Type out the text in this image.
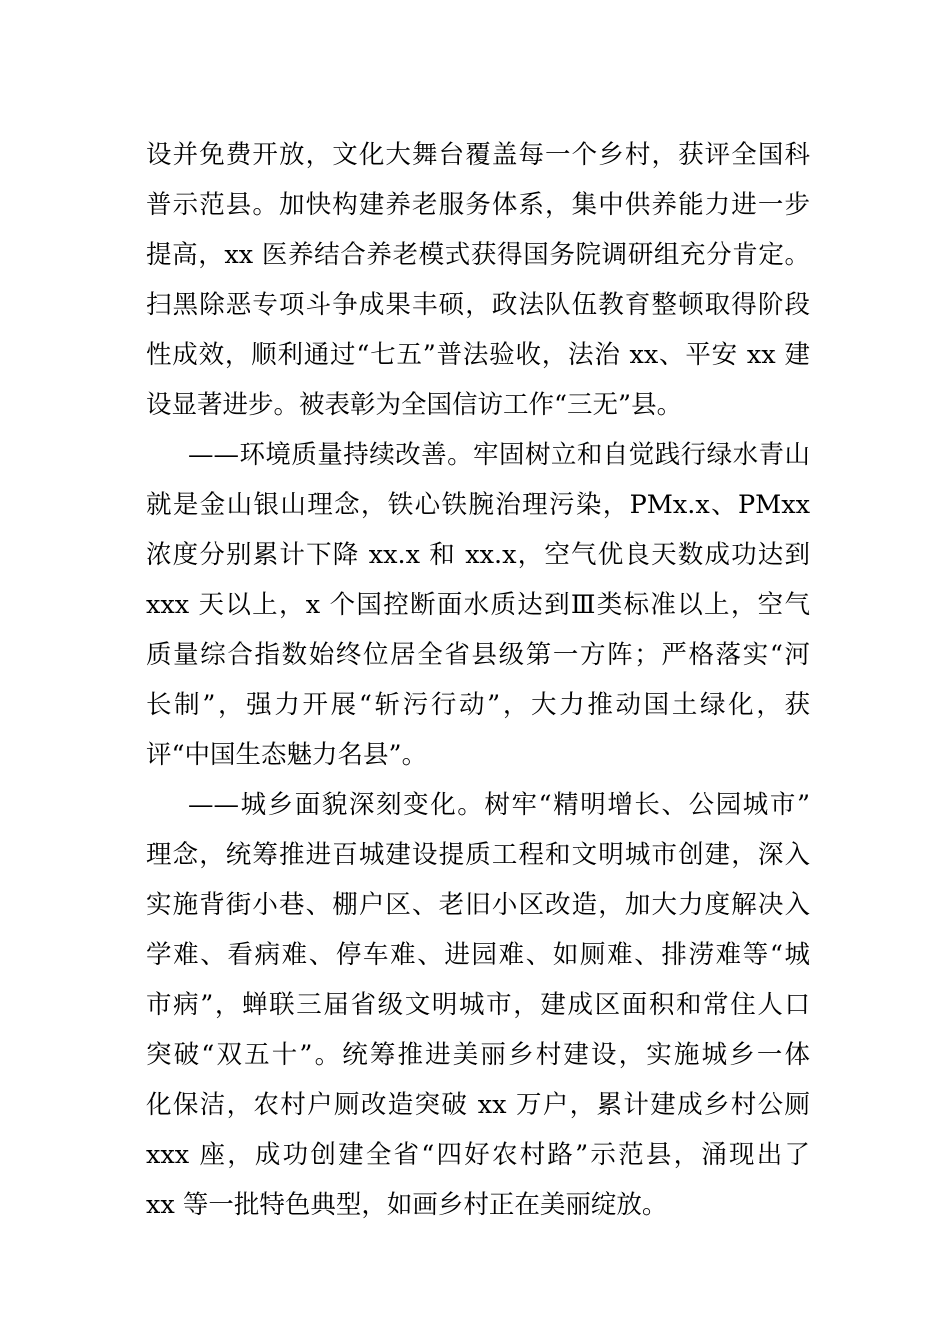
设并免费开放，文化大舞台覆盖每一个乡村，获评全国科
普示范县。加快构建养老服务体系，集中供养能力进一步
提高，xx 医养结合养老模式获得国务院调研组充分肯定。
扫黑除恶专项斗争成果丰硕，政法队伍教育整顿取得阶段
性成效，顺利通过“七五”普法验收，法治 xx、平安 xx 建
设显著进步。被表彰为全国信访工作“三无”县。
——环境质量持续改善。牢固树立和自觉践行绿水青山
就是金山银山理念，铁心铁腕治理污染，PMx.x、PMxx
浓度分别累计下降 xx.x 和 xx.x，空气优良天数成功达到
xxx 天以上，x 个国控断面水质达到Ⅲ类标准以上，空气
质量综合指数始终位居全省县级第一方阵；严格落实“河
长制”，强力开展“斩污行动”，大力推动国土绿化，获
评“中国生态魅力名县”。
——城乡面貌深刻变化。树牢“精明增长、公园城市”
理念，统筹推进百城建设提质工程和文明城市创建，深入
实施背街小巷、棚户区、老旧小区改造，加大力度解决入
学难、看病难、停车难、进园难、如厕难、排涝难等“城
市病”，蝉联三届省级文明城市，建成区面积和常住人口
突破“双五十”。统筹推进美丽乡村建设，实施城乡一体
化保洁，农村户厕改造突破 xx 万户，累计建成乡村公厕
xxx 座，成功创建全省“四好农村路”示范县，涌现出了
xx 等一批特色典型，如画乡村正在美丽绽放。
